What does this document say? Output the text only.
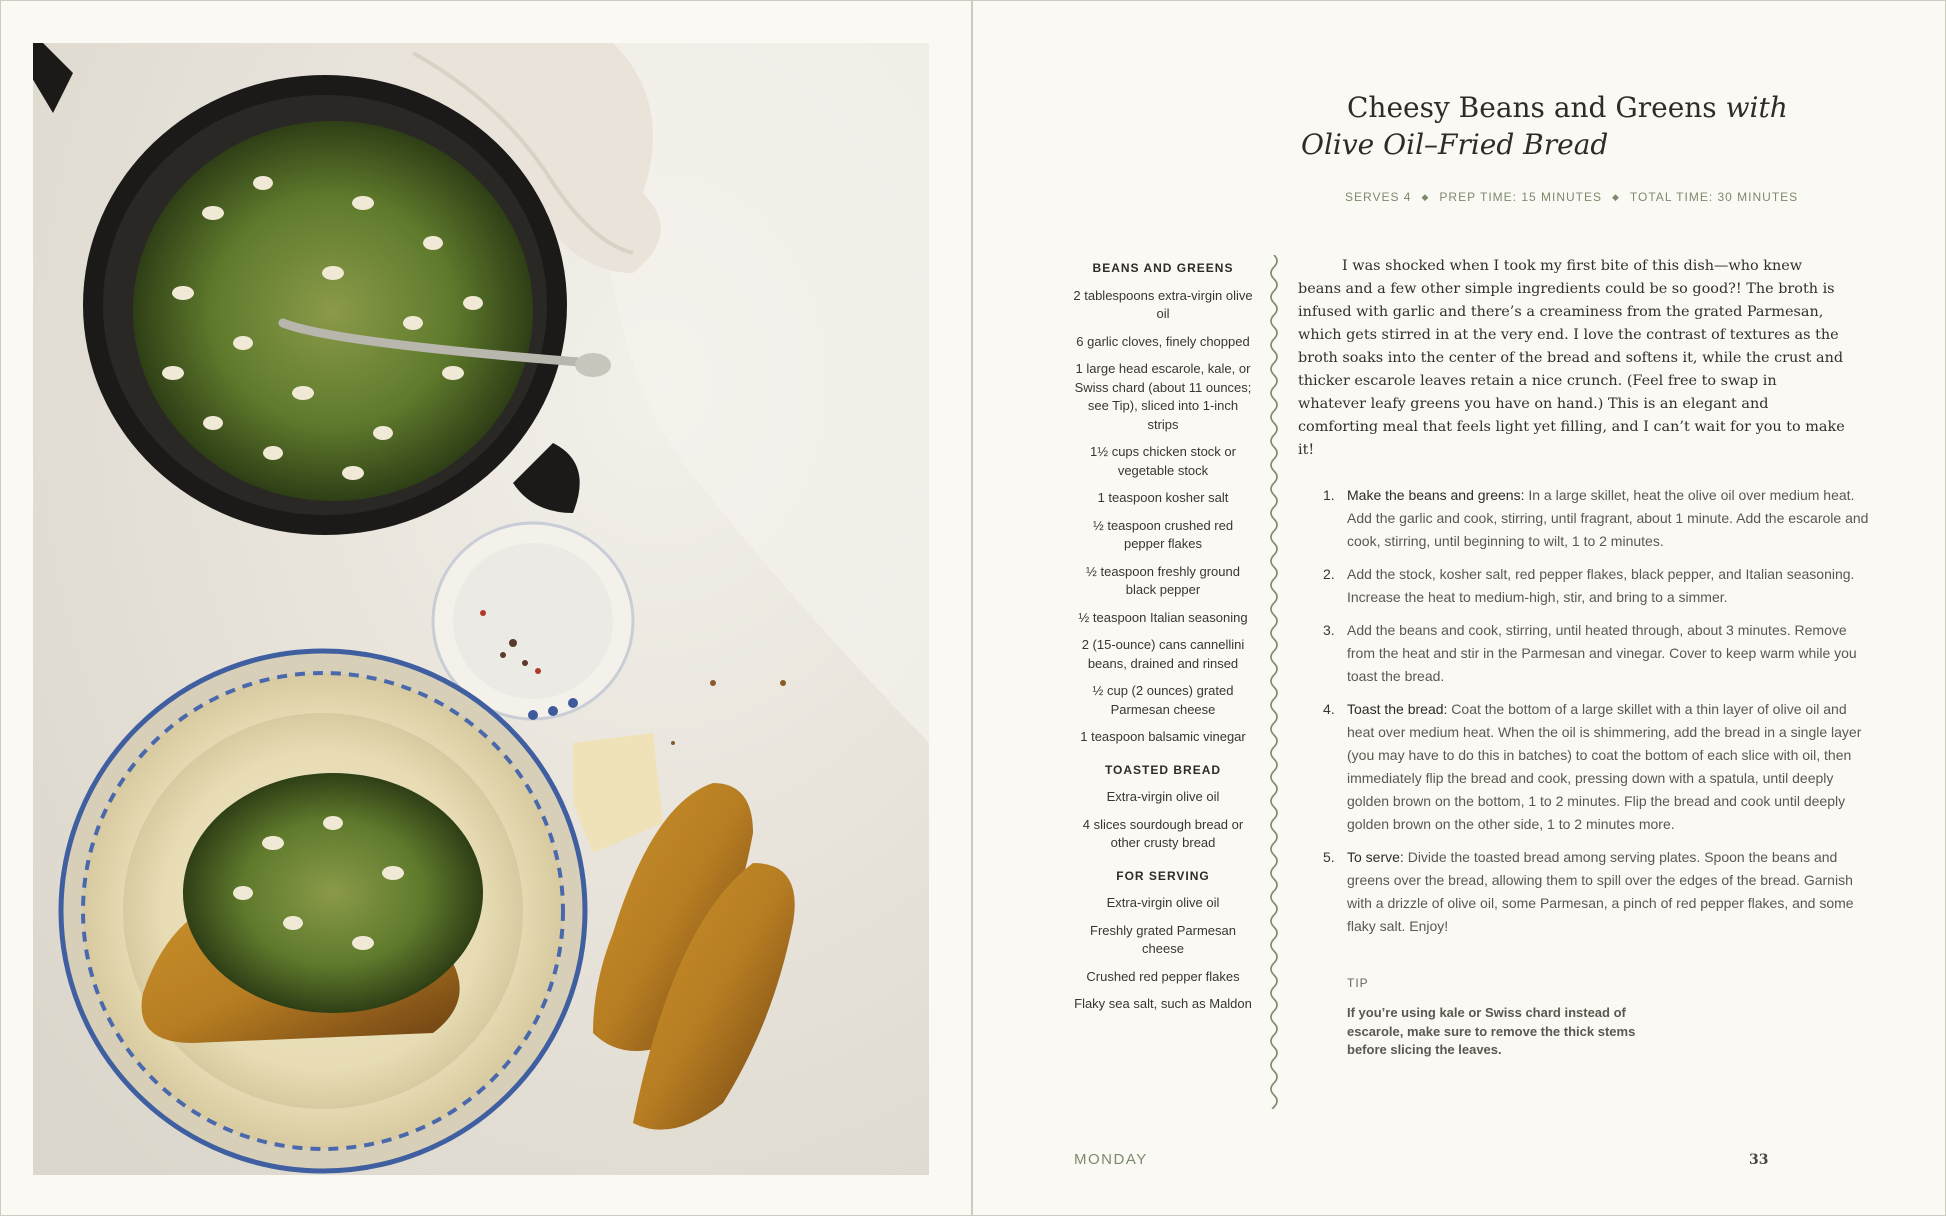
Cheesy Beans and Greens with
Olive Oil–Fried Bread
SERVES 4 ◆ PREP TIME: 15 MINUTES ◆ TOTAL TIME: 30 MINUTES
BEANS AND GREENS
2 tablespoons extra-virgin olive oil
6 garlic cloves, finely chopped
1 large head escarole, kale, or Swiss chard (about 11 ounces; see Tip), sliced into 1-inch strips
1½ cups chicken stock or vegetable stock
1 teaspoon kosher salt
½ teaspoon crushed red pepper flakes
½ teaspoon freshly ground black pepper
½ teaspoon Italian seasoning
2 (15-ounce) cans cannellini beans, drained and rinsed
½ cup (2 ounces) grated Parmesan cheese
1 teaspoon balsamic vinegar
TOASTED BREAD
Extra-virgin olive oil
4 slices sourdough bread or other crusty bread
FOR SERVING
Extra-virgin olive oil
Freshly grated Parmesan cheese
Crushed red pepper flakes
Flaky sea salt, such as Maldon

I was shocked when I took my first bite of this dish—who knew beans and a few other simple ingredients could be so good?! The broth is infused with garlic and there’s a creaminess from the grated Parmesan, which gets stirred in at the very end. I love the contrast of textures as the broth soaks into the center of the bread and softens it, while the crust and thicker escarole leaves retain a nice crunch. (Feel free to swap in whatever leafy greens you have on hand.) This is an elegant and comforting meal that feels light yet filling, and I can’t wait for you to make it!

1. Make the beans and greens: In a large skillet, heat the olive oil over medium heat. Add the garlic and cook, stirring, until fragrant, about 1 minute. Add the escarole and cook, stirring, until beginning to wilt, 1 to 2 minutes.
2. Add the stock, kosher salt, red pepper flakes, black pepper, and Italian seasoning. Increase the heat to medium-high, stir, and bring to a simmer.
3. Add the beans and cook, stirring, until heated through, about 3 minutes. Remove from the heat and stir in the Parmesan and vinegar. Cover to keep warm while you toast the bread.
4. Toast the bread: Coat the bottom of a large skillet with a thin layer of olive oil and heat over medium heat. When the oil is shimmering, add the bread in a single layer (you may have to do this in batches) to coat the bottom of each slice with oil, then immediately flip the bread and cook, pressing down with a spatula, until deeply golden brown on the bottom, 1 to 2 minutes. Flip the bread and cook until deeply golden brown on the other side, 1 to 2 minutes more.
5. To serve: Divide the toasted bread among serving plates. Spoon the beans and greens over the bread, allowing them to spill over the edges of the bread. Garnish with a drizzle of olive oil, some Parmesan, a pinch of red pepper flakes, and some flaky salt. Enjoy!
TIP

If you’re using kale or Swiss chard instead of escarole, make sure to remove the thick stems before slicing the leaves.

MONDAY	33
